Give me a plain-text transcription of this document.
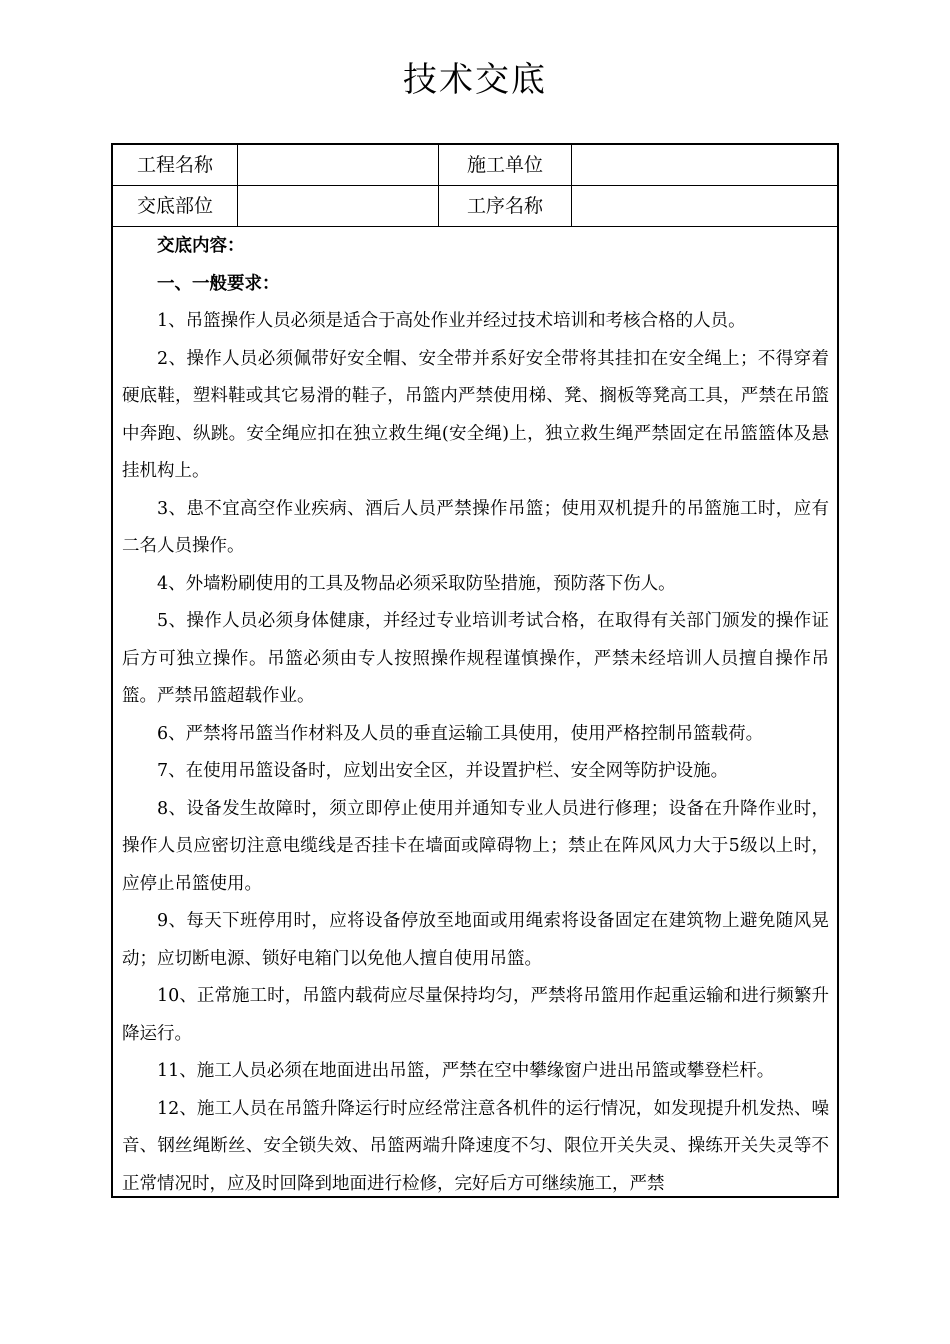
技术交底
工程名称	施工单位
交底部位	工序名称

交底内容：

一、一般要求：

1、吊篮操作人员必须是适合于高处作业并经过技术培训和考核合格的人员。

2、操作人员必须佩带好安全帽、安全带并系好安全带将其挂扣在安全绳上；不得穿着硬底鞋，塑料鞋或其它易滑的鞋子，吊篮内严禁使用梯、凳、搁板等凳高工具，严禁在吊篮中奔跑、纵跳。安全绳应扣在独立救生绳(安全绳)上，独立救生绳严禁固定在吊篮篮体及悬挂机构上。

3、患不宜高空作业疾病、酒后人员严禁操作吊篮；使用双机提升的吊篮施工时，应有二名人员操作。

4、外墙粉刷使用的工具及物品必须采取防坠措施，预防落下伤人。

5、操作人员必须身体健康，并经过专业培训考试合格，在取得有关部门颁发的操作证后方可独立操作。吊篮必须由专人按照操作规程谨慎操作，严禁未经培训人员擅自操作吊篮。严禁吊篮超载作业。

6、严禁将吊篮当作材料及人员的垂直运输工具使用，使用严格控制吊篮载荷。

7、在使用吊篮设备时，应划出安全区，并设置护栏、安全网等防护设施。

8、设备发生故障时，须立即停止使用并通知专业人员进行修理；设备在升降作业时，操作人员应密切注意电缆线是否挂卡在墙面或障碍物上；禁止在阵风风力大于5级以上时，应停止吊篮使用。

9、每天下班停用时，应将设备停放至地面或用绳索将设备固定在建筑物上避免随风晃动；应切断电源、锁好电箱门以免他人擅自使用吊篮。

10、正常施工时，吊篮内载荷应尽量保持均匀，严禁将吊篮用作起重运输和进行频繁升降运行。

11、施工人员必须在地面进出吊篮，严禁在空中攀缘窗户进出吊篮或攀登栏杆。

12、施工人员在吊篮升降运行时应经常注意各机件的运行情况，如发现提升机发热、噪音、钢丝绳断丝、安全锁失效、吊篮两端升降速度不匀、限位开关失灵、操练开关失灵等不正常情况时，应及时回降到地面进行检修，完好后方可继续施工，严禁
